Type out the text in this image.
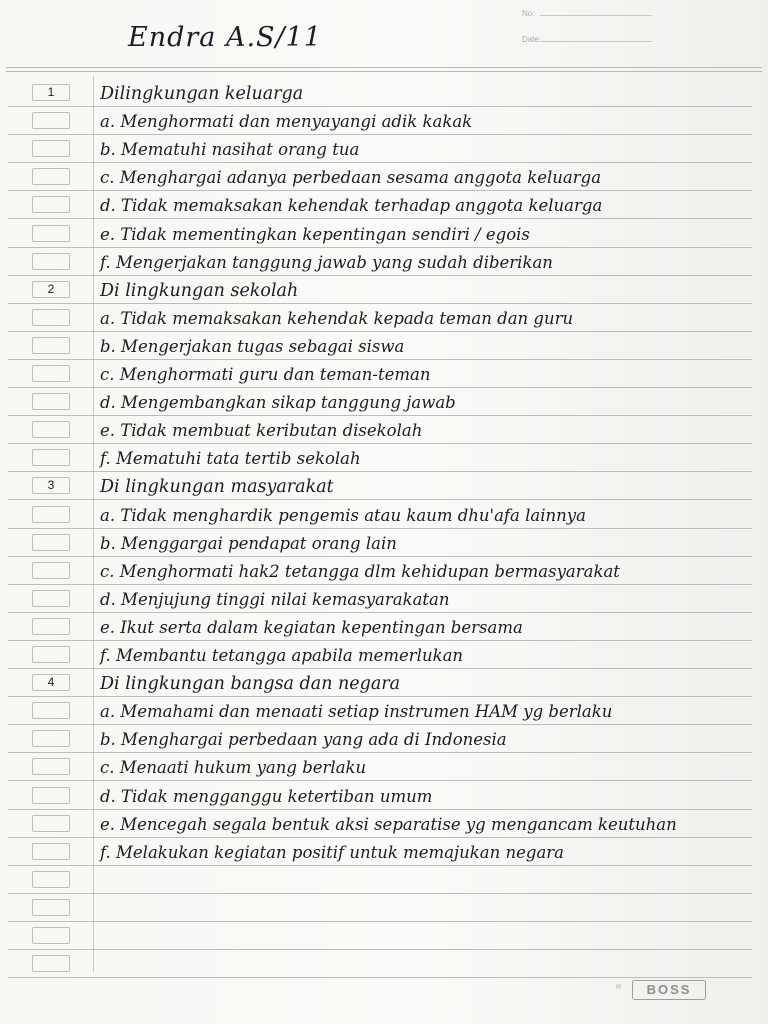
Endra A.S/11
No.
Date:
1	Dilingkungan keluarga
a. Menghormati dan menyayangi adik kakak
b. Mematuhi nasihat orang tua
c. Menghargai adanya perbedaan sesama anggota keluarga
d. Tidak memaksakan kehendak terhadap anggota keluarga
e. Tidak mementingkan kepentingan sendiri / egois
f. Mengerjakan tanggung jawab yang sudah diberikan
2	Di lingkungan sekolah
a. Tidak memaksakan kehendak kepada teman dan guru
b. Mengerjakan tugas sebagai siswa
c. Menghormati guru dan teman-teman
d. Mengembangkan sikap tanggung jawab
e. Tidak membuat keributan disekolah
f. Mematuhi tata tertib sekolah
3	Di lingkungan masyarakat
a. Tidak menghardik pengemis atau kaum dhu'afa lainnya
b. Menggargai pendapat orang lain
c. Menghormati hak2 tetangga dlm kehidupan bermasyarakat
d. Menjujung tinggi nilai kemasyarakatan
e. Ikut serta dalam kegiatan kepentingan bersama
f. Membantu tetangga apabila memerlukan
4	Di lingkungan bangsa dan negara
a. Memahami dan menaati setiap instrumen HAM yg berlaku
b. Menghargai perbedaan yang ada di Indonesia
c. Menaati hukum yang berlaku
d. Tidak mengganggu ketertiban umum
e. Mencegah segala bentuk aksi separatise yg mengancam keutuhan
f. Melakukan kegiatan positif untuk memajukan negara
®	BOSS
